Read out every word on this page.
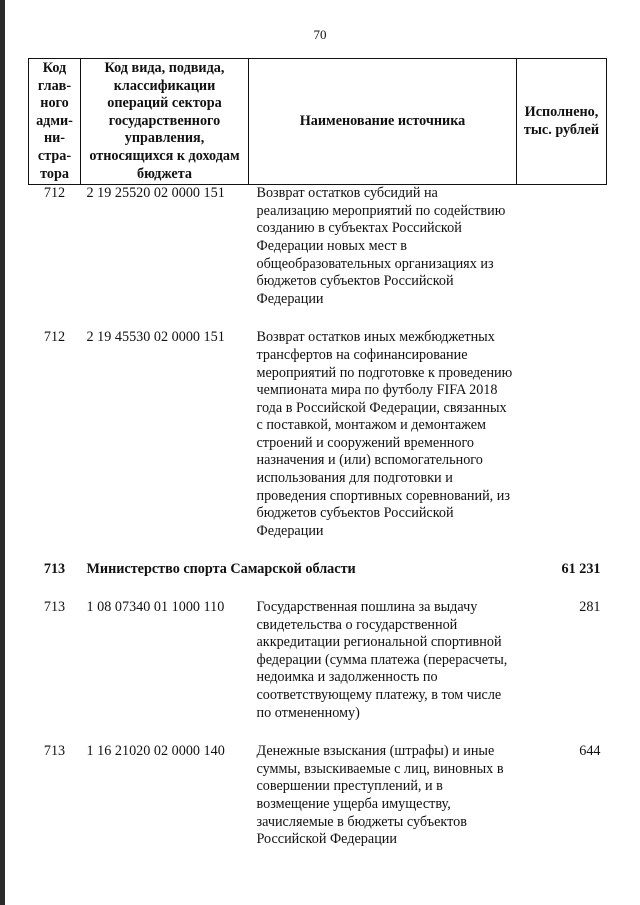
70
Код глав-ного адми-ни-стра-тора	Код вида, подвида, классификации операций сектора государственного управления, относящихся к доходам бюджета	Наименование источника	Исполнено, тыс. рублей
712	2 19 25520 02 0000 151	Возврат остатков субсидий на реализацию мероприятий по содействию созданию в субъектах Российской Федерации новых мест в общеобразовательных организациях из бюджетов субъектов Российской Федерации	

712	2 19 45530 02 0000 151	Возврат остатков иных межбюджетных трансфертов на софинансирование мероприятий по подготовке к проведению чемпионата мира по футболу FIFA 2018 года в Российской Федерации, связанных с поставкой, монтажом и демонтажем строений и сооружений временного назначения и (или) вспомогательного использования для подготовки и проведения спортивных соревнований, из бюджетов субъектов Российской Федерации	

713	Министерство спорта Самарской области		61 231

713	1 08 07340 01 1000 110	Государственная пошлина за выдачу свидетельства о государственной аккредитации региональной спортивной федерации (сумма платежа (перерасчеты, недоимка и задолженность по соответствующему платежу, в том числе по отмененному)	281

713	1 16 21020 02 0000 140	Денежные взыскания (штрафы) и иные суммы, взыскиваемые с лиц, виновных в совершении преступлений, и в возмещение ущерба имуществу, зачисляемые в бюджеты субъектов Российской Федерации	644
